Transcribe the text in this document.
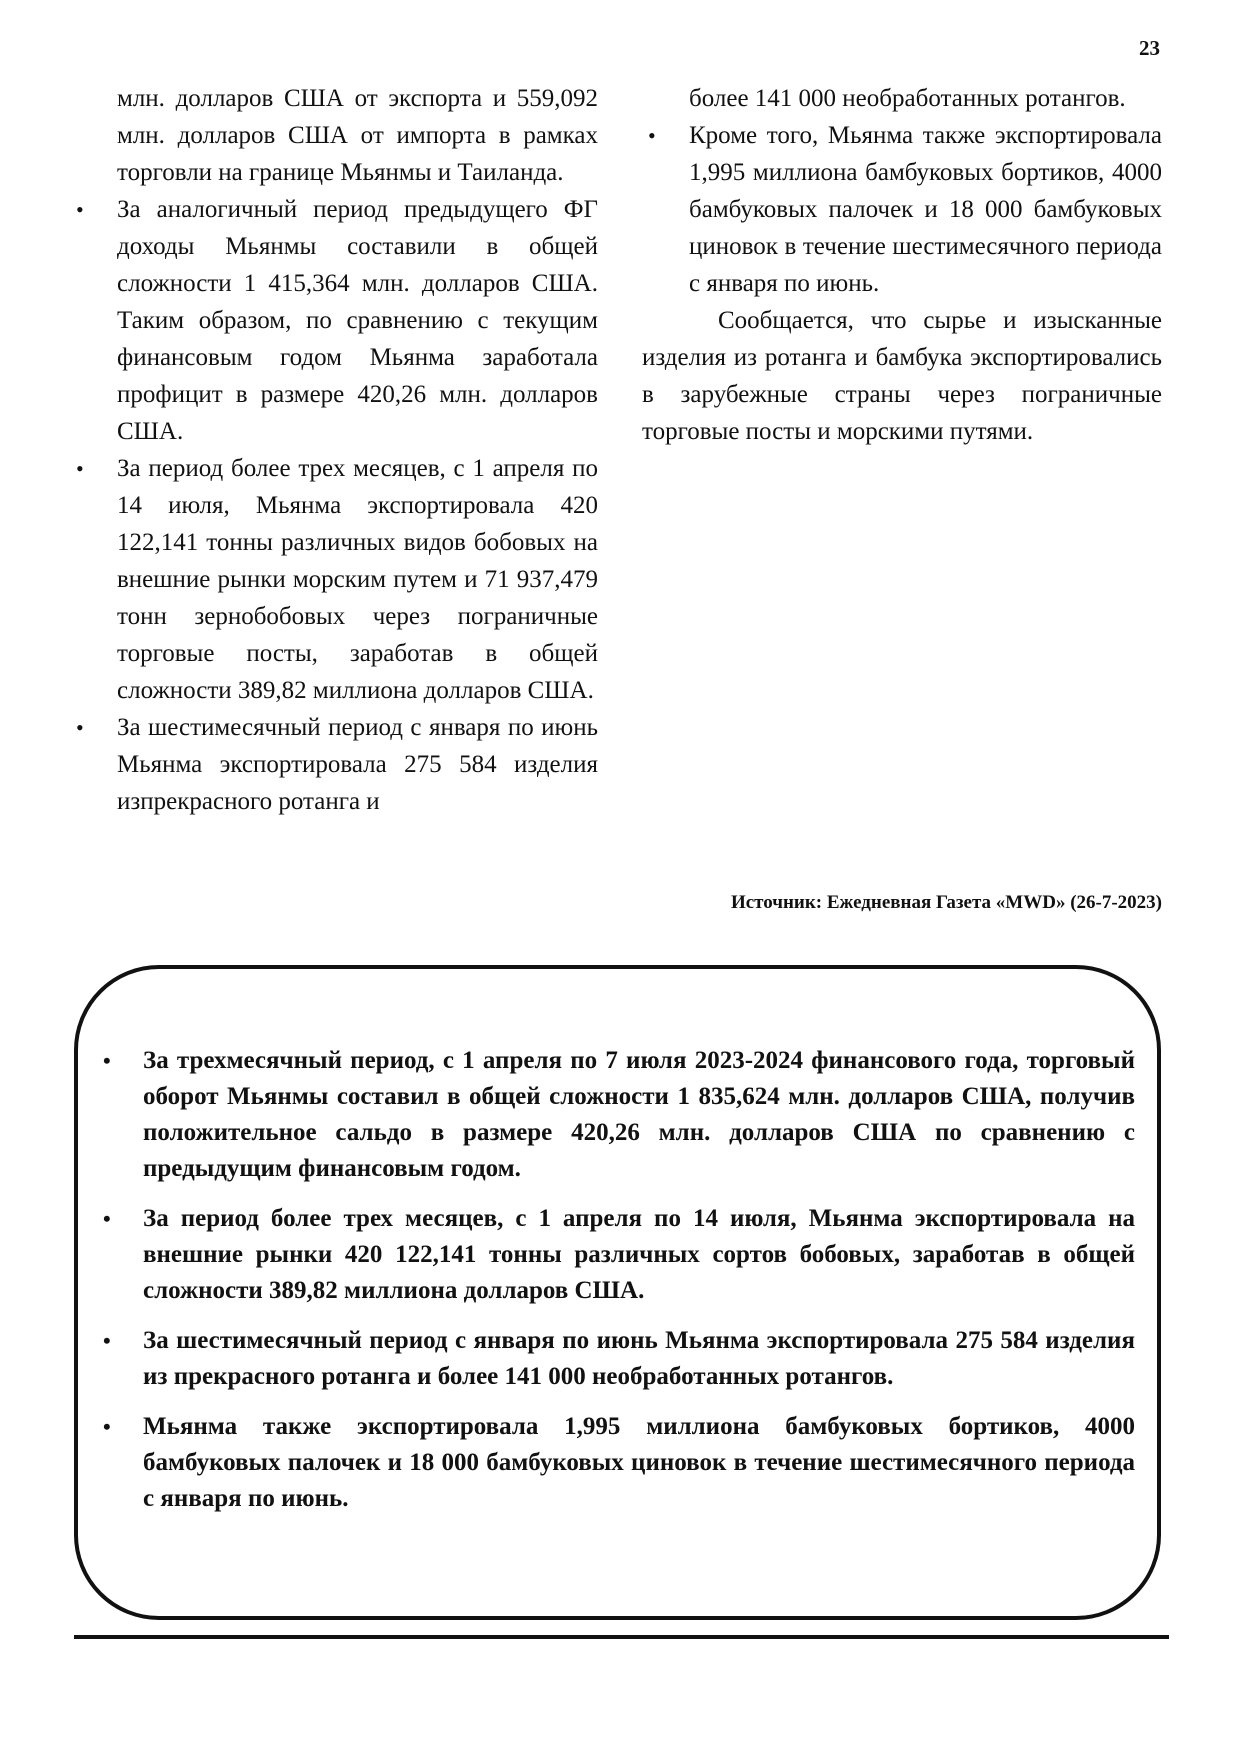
23

млн. долларов США от экспорта и 559,092 млн. долларов США от импорта в рамках торговли на границе Мьянмы и Таиланда.

• За аналогичный период предыдущего ФГ доходы Мьянмы составили в общей сложности 1 415,364 млн. долларов США. Таким образом, по сравнению с текущим финансовым годом Мьянма заработала профицит в размере 420,26 млн. долларов США.
• За период более трех месяцев, с 1 апреля по 14 июля, Мьянма экспортировала 420 122,141 тонны различных видов бобовых на внешние рынки морским путем и 71 937,479 тонн зернобобовых через пограничные торговые посты, заработав в общей сложности 389,82 миллиона долларов США.
• За шестимесячный период с января по июнь Мьянма экспортировала 275 584 изделия изпрекрасного ротанга и

более 141 000 необработанных ротангов.

• Кроме того, Мьянма также экспортировала 1,995 миллиона бамбуковых бортиков, 4000 бамбуковых палочек и 18 000 бамбуковых циновок в течение шестимесячного периода с января по июнь.

Сообщается, что сырье и изысканные изделия из ротанга и бамбука экспортировались в зарубежные страны через пограничные торговые посты и морскими путями.

Источник: Ежедневная Газета «MWD» (26-7-2023)
• За трехмесячный период, с 1 апреля по 7 июля 2023-2024 финансового года, торговый оборот Мьянмы составил в общей сложности 1 835,624 млн. долларов США, получив положительное сальдо в размере 420,26 млн. долларов США по сравнению с предыдущим финансовым годом.
• За период более трех месяцев, с 1 апреля по 14 июля, Мьянма экспортировала на внешние рынки 420 122,141 тонны различных сортов бобовых, заработав в общей сложности 389,82 миллиона долларов США.
• За шестимесячный период с января по июнь Мьянма экспортировала 275 584 изделия из прекрасного ротанга и более 141 000 необработанных ротангов.
• Мьянма также экспортировала 1,995 миллиона бамбуковых бортиков, 4000 бамбуковых палочек и 18 000 бамбуковых циновок в течение шестимесячного периода с января по июнь.
